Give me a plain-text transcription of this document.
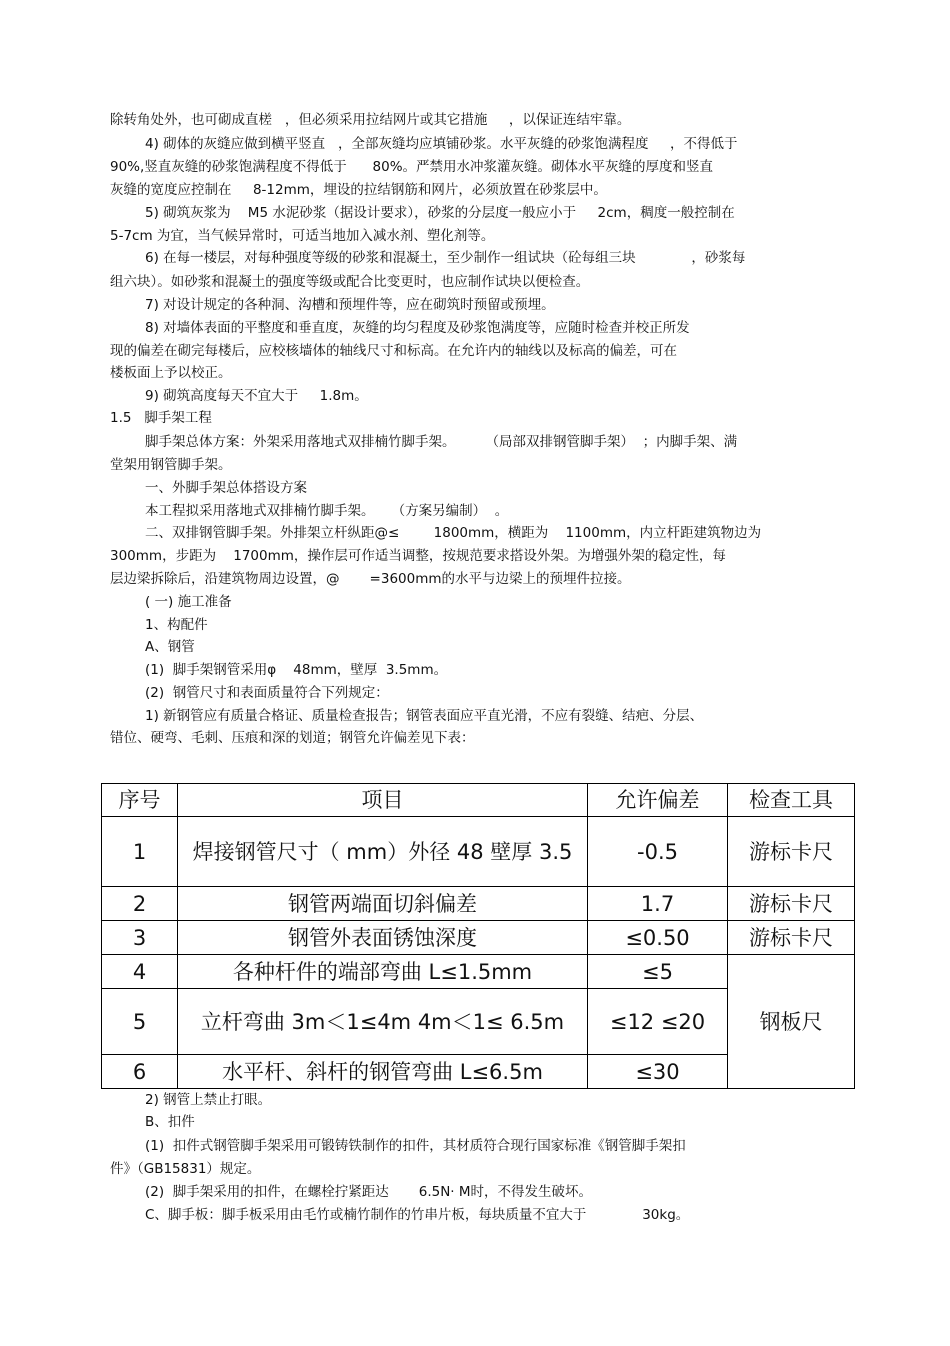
除转角处外，也可砌成直槎   ，但必须采用拉结网片或其它措施     ，以保证连结牢靠。
4) 砌体的灰缝应做到横平竖直   ，全部灰缝均应填铺砂浆。水平灰缝的砂浆饱满程度     ，不得低于
90%,竖直灰缝的砂浆饱满程度不得低于      80%。严禁用水冲浆灌灰缝。砌体水平灰缝的厚度和竖直
灰缝的宽度应控制在     8-12mm，埋设的拉结钢筋和网片，必须放置在砂浆层中。
5) 砌筑灰浆为    M5 水泥砂浆（据设计要求），砂浆的分层度一般应小于     2cm，稠度一般控制在
5-7cm 为宜，当气候异常时，可适当地加入减水剂、塑化剂等。
6) 在每一楼层，对每种强度等级的砂浆和混凝土，至少制作一组试块（砼每组三块             ，砂浆每
组六块）。如砂浆和混凝土的强度等级或配合比变更时，也应制作试块以便检查。
7) 对设计规定的各种洞、沟槽和预埋件等，应在砌筑时预留或预埋。
8) 对墙体表面的平整度和垂直度，灰缝的均匀程度及砂浆饱满度等，应随时检查并校正所发
现的偏差在砌完每楼后，应校核墙体的轴线尺寸和标高。在允许内的轴线以及标高的偏差，可在
楼板面上予以校正。
9) 砌筑高度每天不宜大于     1.8m。
1.5   脚手架工程
脚手架总体方案：外架采用落地式双排楠竹脚手架。       （局部双排钢管脚手架）  ；内脚手架、满
堂架用钢管脚手架。
一、外脚手架总体搭设方案
本工程拟采用落地式双排楠竹脚手架。    （方案另编制）  。
二、双排钢管脚手架。外排架立杆纵距@≤        1800mm，横距为    1100mm，内立杆距建筑物边为
300mm，步距为    1700mm，操作层可作适当调整，按规范要求搭设外架。为增强外架的稳定性，每
层边梁拆除后，沿建筑物周边设置，@       =3600mm的水平与边梁上的预埋件拉接。
( 一) 施工准备
1、构配件
A、钢管
(1)  脚手架钢管采用φ    48mm，壁厚  3.5mm。
(2)  钢管尺寸和表面质量符合下列规定：
1) 新钢管应有质量合格证、质量检查报告；钢管表面应平直光滑，不应有裂缝、结疤、分层、
错位、硬弯、毛刺、压痕和深的划道；钢管允许偏差见下表：
序号	项目	允许偏差	检查工具
1	焊接钢管尺寸（ mm）外径 48 壁厚 3.5	-0.5	游标卡尺
2	钢管两端面切斜偏差	1.7	游标卡尺
3	钢管外表面锈蚀深度	≤0.50	游标卡尺
4	各种杆件的端部弯曲 L≤1.5mm	≤5	钢板尺
5	立杆弯曲 3m＜1≤4m 4m＜1≤ 6.5m	≤12 ≤20	
6	水平杆、斜杆的钢管弯曲 L≤6.5m	≤30	
2) 钢管上禁止打眼。
B、扣件
(1)  扣件式钢管脚手架采用可锻铸铁制作的扣件，其材质符合现行国家标准《钢管脚手架扣
件》（GB15831）规定。
(2)  脚手架采用的扣件，在螺栓拧紧距达       6.5N· M时，不得发生破坏。
C、脚手板：脚手板采用由毛竹或楠竹制作的竹串片板，每块质量不宜大于             30kg。
